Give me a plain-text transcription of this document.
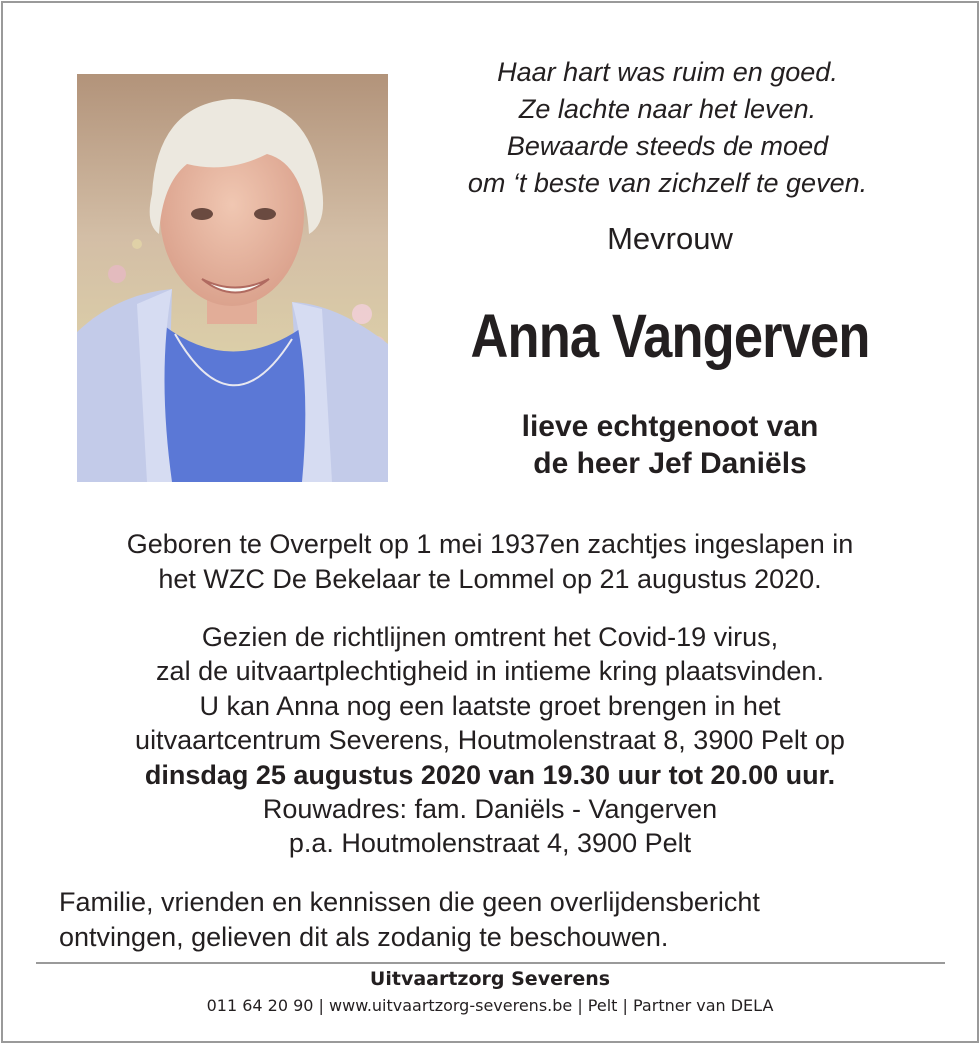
Haar hart was ruim en goed.
Ze lachte naar het leven.
Bewaarde steeds de moed
om ‘t beste van zichzelf te geven.
Mevrouw
Anna Vangerven
lieve echtgenoot van
de heer Jef Daniëls
Geboren te Overpelt op 1 mei 1937en zachtjes ingeslapen in
het WZC De Bekelaar te Lommel op 21 augustus 2020.
Gezien de richtlijnen omtrent het Covid-19 virus,
zal de uitvaartplechtigheid in intieme kring plaatsvinden.
U kan Anna nog een laatste groet brengen in het
uitvaartcentrum Severens, Houtmolenstraat 8, 3900 Pelt op
dinsdag 25 augustus 2020 van 19.30 uur tot 20.00 uur.
Rouwadres: fam. Daniëls - Vangerven
p.a. Houtmolenstraat 4, 3900 Pelt
Familie, vrienden en kennissen die geen overlijdensbericht
ontvingen, gelieven dit als zodanig te beschouwen.
Uitvaartzorg Severens
011 64 20 90 | www.uitvaartzorg-severens.be | Pelt | Partner van DELA
